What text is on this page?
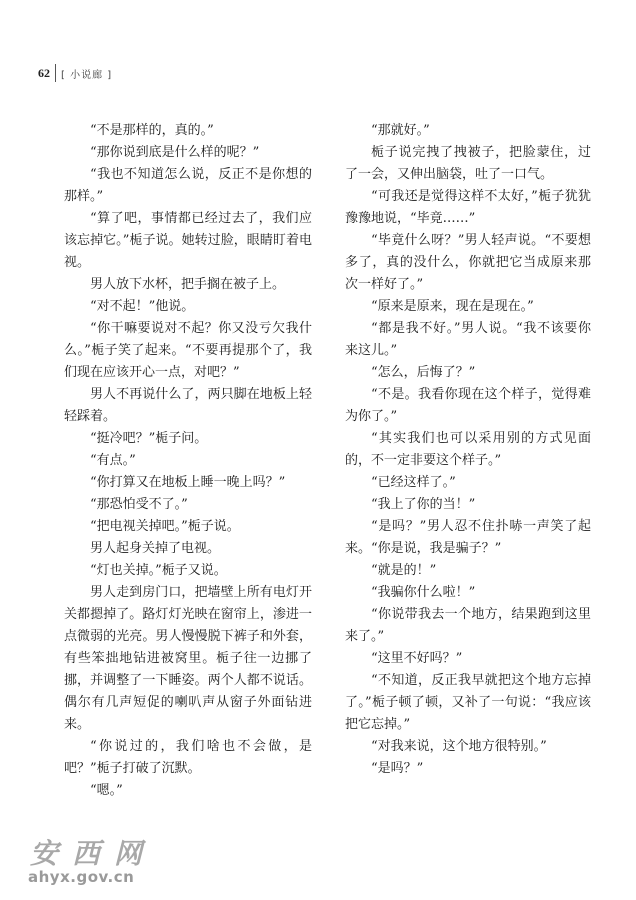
62 [ 小说廊 ]

“不是那样的，真的。”

“那你说到底是什么样的呢？”

“我也不知道怎么说，反正不是你想的那样。”

“算了吧，事情都已经过去了，我们应该忘掉它。”栀子说。她转过脸，眼睛盯着电视。

男人放下水杯，把手搁在被子上。

“对不起！”他说。

“你干嘛要说对不起？你又没亏欠我什么。”栀子笑了起来。“不要再提那个了，我们现在应该开心一点，对吧？”

男人不再说什么了，两只脚在地板上轻轻踩着。

“挺冷吧？”栀子问。

“有点。”

“你打算又在地板上睡一晚上吗？”

“那恐怕受不了。”

“把电视关掉吧。”栀子说。

男人起身关掉了电视。

“灯也关掉。”栀子又说。

男人走到房门口，把墙壁上所有电灯开关都摁掉了。路灯灯光映在窗帘上，渗进一点微弱的光亮。男人慢慢脱下裤子和外套，有些笨拙地钻进被窝里。栀子往一边挪了挪，并调整了一下睡姿。两个人都不说话。偶尔有几声短促的喇叭声从窗子外面钻进来。

“你说过的，我们啥也不会做，是吧？”栀子打破了沉默。

“嗯。”

“那就好。”

栀子说完拽了拽被子，把脸蒙住，过了一会，又伸出脑袋，吐了一口气。

“可我还是觉得这样不太好，”栀子犹犹豫豫地说，“毕竟……”

“毕竟什么呀？”男人轻声说。“不要想多了，真的没什么，你就把它当成原来那次一样好了。”

“原来是原来，现在是现在。”

“都是我不好。”男人说。“我不该要你来这儿。”

“怎么，后悔了？”

“不是。我看你现在这个样子，觉得难为你了。”

“其实我们也可以采用别的方式见面的，不一定非要这个样子。”

“已经这样了。”

“我上了你的当！”

“是吗？”男人忍不住扑哧一声笑了起来。“你是说，我是骗子？”

“就是的！”

“我骗你什么啦！”

“你说带我去一个地方，结果跑到这里来了。”

“这里不好吗？”

“不知道，反正我早就把这个地方忘掉了。”栀子顿了顿，又补了一句说：“我应该把它忘掉。”

“对我来说，这个地方很特别。”

“是吗？”

安西网
ahyx.gov.cn
